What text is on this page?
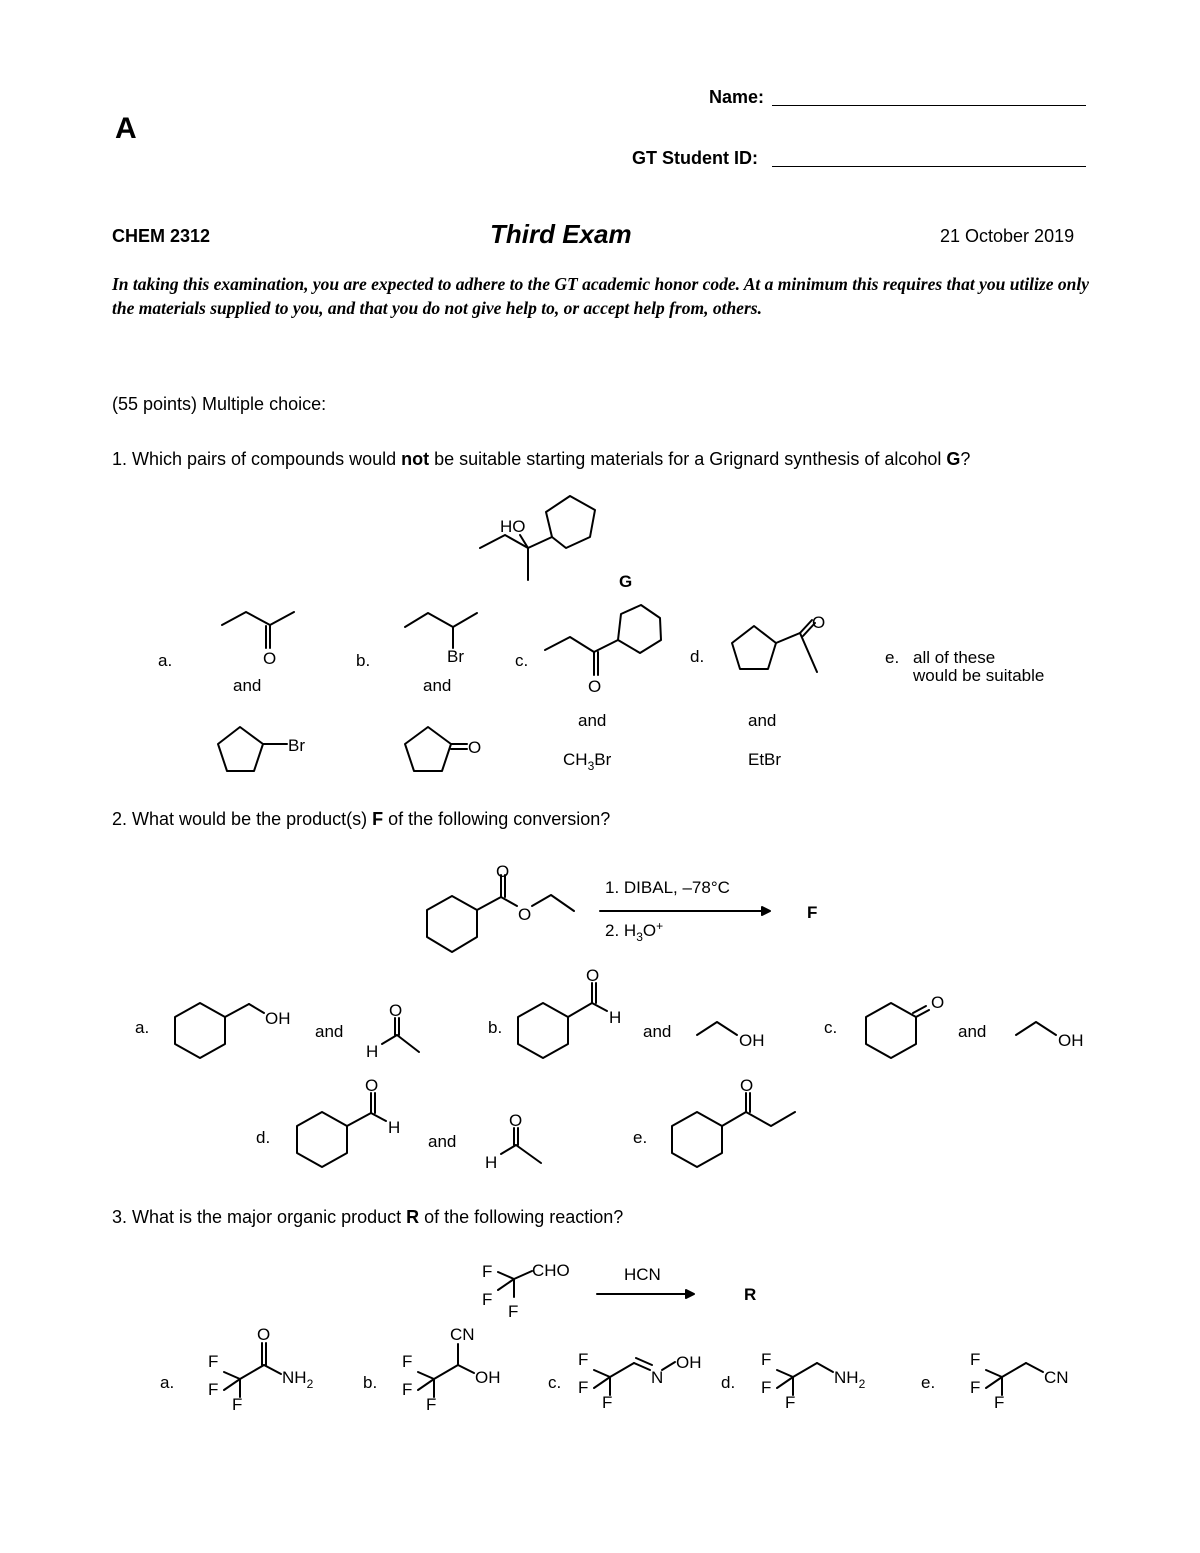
A
Name:
GT Student ID:
CHEM 2312	Third Exam	21 October 2019
In taking this examination, you are expected to adhere to the GT academic honor code. At a minimum this requires that you utilize only the materials supplied to you, and that you do not give help to, or accept help from, others.
(55 points) Multiple choice:
1. Which pairs of compounds would not be suitable starting materials for a Grignard synthesis of alcohol G?
2. What would be the product(s) F of the following conversion?
3. What is the major organic product R of the following reaction?
HO
G
a.	O
and
Br
b.	Br
and
O
c.
O
and
$CH_3Br$
d.
O
and
EtBr
e. all of these
would be suitable
O
O
1. DIBAL, –78°C
2. $H_3O^+$
F
a.	OH
and
O
H
b.
O
H
and	OH
c.
O
and	OH
d.
O
H
and
O
H
e.
O
F
F
F
CHO	HCN
R
a.
F
F
F
O
$NH_2$	b.
F
F
F
CN
OH	c.
F
F
F
N
OH
d.
F
F
F
$NH_2$	e.
F
F
F
CN
